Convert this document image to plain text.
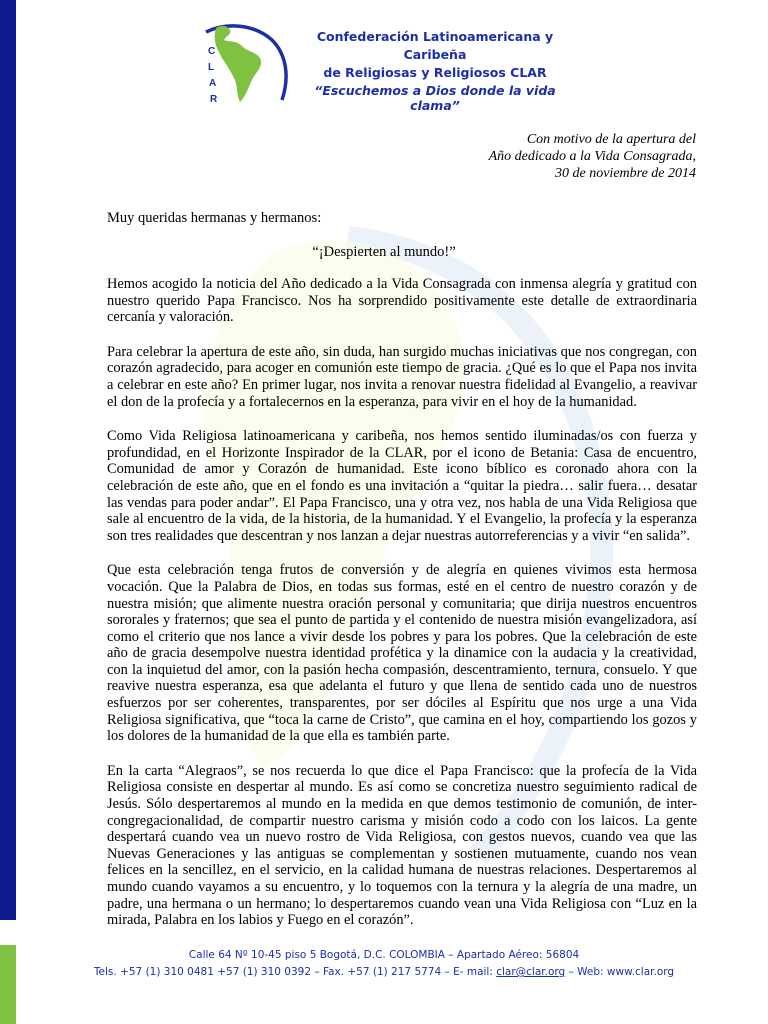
C
L
A
R
Confederación Latinoamericana y Caribeña
de Religiosas y Religiosos CLAR
“Escuchemos a Dios donde la vida clama”
Con motivo de la apertura del
Año dedicado a la Vida Consagrada,
30 de noviembre de 2014
Muy queridas hermanas y hermanos:
“¡Despierten al mundo!”

Hemos acogido la noticia del Año dedicado a la Vida Consagrada con inmensa alegría y gratitud con nuestro querido Papa Francisco. Nos ha sorprendido positivamente este detalle de extraordinaria cercanía y valoración.

Para celebrar la apertura de este año, sin duda, han surgido muchas iniciativas que nos congregan, con corazón agradecido, para acoger en comunión este tiempo de gracia. ¿Qué es lo que el Papa nos invita a celebrar en este año? En primer lugar, nos invita a renovar nuestra fidelidad al Evangelio, a reavivar el don de la profecía y a fortalecernos en la esperanza, para vivir en el hoy de la humanidad.

Como Vida Religiosa latinoamericana y caribeña, nos hemos sentido iluminadas/os con fuerza y profundidad, en el Horizonte Inspirador de la CLAR, por el icono de Betania: Casa de encuentro, Comunidad de amor y Corazón de humanidad. Este icono bíblico es coronado ahora con la celebración de este año, que en el fondo es una invitación a “quitar la piedra… salir fuera… desatar las vendas para poder andar”. El Papa Francisco, una y otra vez, nos habla de una Vida Religiosa que sale al encuentro de la vida, de la historia, de la humanidad. Y el Evangelio, la profecía y la esperanza son tres realidades que descentran y nos lanzan a dejar nuestras autorreferencias y a vivir “en salida”.

Que esta celebración tenga frutos de conversión y de alegría en quienes vivimos esta hermosa vocación. Que la Palabra de Dios, en todas sus formas, esté en el centro de nuestro corazón y de nuestra misión; que alimente nuestra oración personal y comunitaria; que dirija nuestros encuentros sororales y fraternos; que sea el punto de partida y el contenido de nuestra misión evangelizadora, así como el criterio que nos lance a vivir desde los pobres y para los pobres. Que la celebración de este año de gracia desempolve nuestra identidad profética y la dinamice con la audacia y la creatividad, con la inquietud del amor, con la pasión hecha compasión, descentramiento, ternura, consuelo. Y que reavive nuestra esperanza, esa que adelanta el futuro y que llena de sentido cada uno de nuestros esfuerzos por ser coherentes, transparentes, por ser dóciles al Espíritu que nos urge a una Vida Religiosa significativa, que “toca la carne de Cristo”, que camina en el hoy, compartiendo los gozos y los dolores de la humanidad de la que ella es también parte.

En la carta “Alegraos”, se nos recuerda lo que dice el Papa Francisco: que la profecía de la Vida Religiosa consiste en despertar al mundo. Es así como se concretiza nuestro seguimiento radical de Jesús. Sólo despertaremos al mundo en la medida en que demos testimonio de comunión, de inter-congregacionalidad, de compartir nuestro carisma y misión codo a codo con los laicos. La gente despertará cuando vea un nuevo rostro de Vida Religiosa, con gestos nuevos, cuando vea que las Nuevas Generaciones y las antiguas se complementan y sostienen mutuamente, cuando nos vean felices en la sencillez, en el servicio, en la calidad humana de nuestras relaciones. Despertaremos al mundo cuando vayamos a su encuentro, y lo toquemos con la ternura y la alegría de una madre, un padre, una hermana o un hermano; lo despertaremos cuando vean una Vida Religiosa con “Luz en la mirada, Palabra en los labios y Fuego en el corazón”.

Calle 64 Nº 10-45 piso 5 Bogotá, D.C. COLOMBIA – Apartado Aéreo: 56804
Tels. +57 (1) 310 0481 +57 (1) 310 0392 – Fax. +57 (1) 217 5774 – E- mail: clar@clar.org – Web: www.clar.org
